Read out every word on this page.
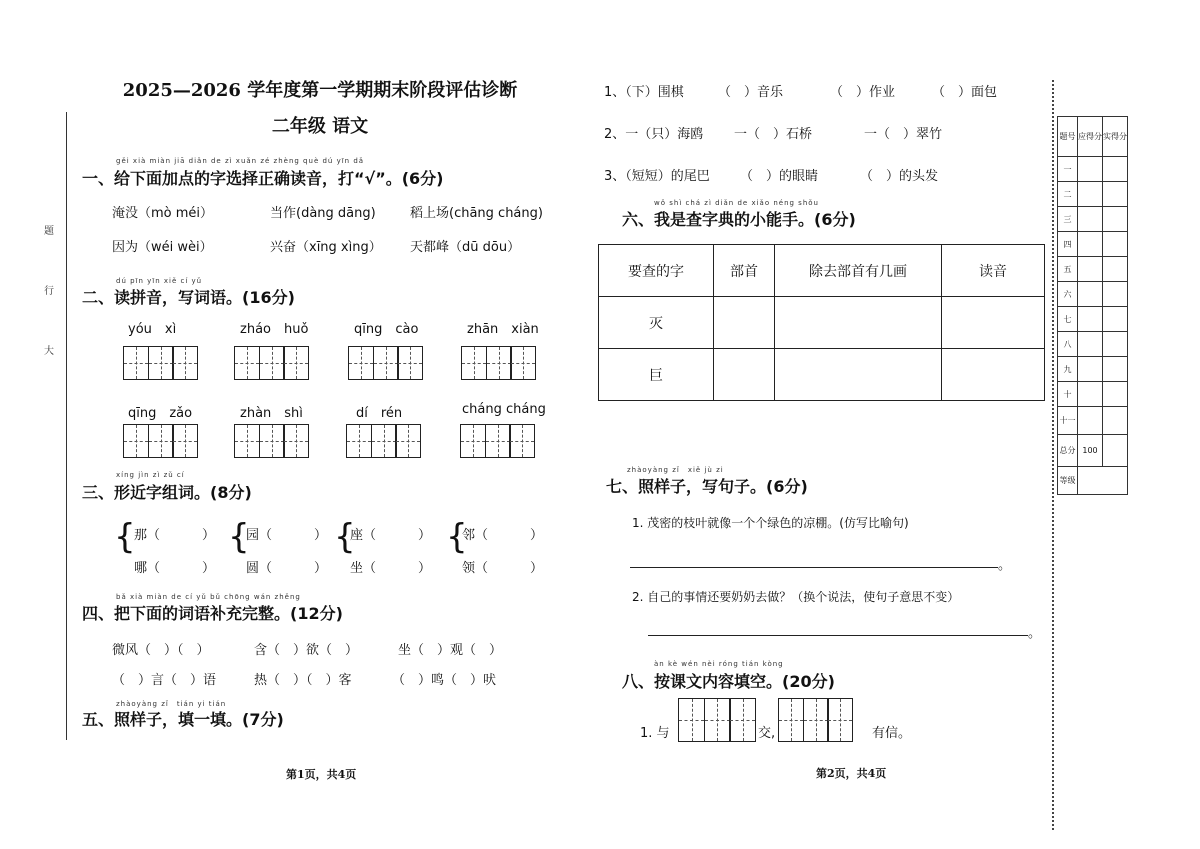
题
行
大
2025—2026 学年度第一学期期末阶段评估诊断
二年级 语文
gěi xià miàn jiā diǎn de zì xuǎn zé zhèng què dú yīn dǎ
一、给下面加点的字选择正确读音，打“√”。(6分)
淹没（mò méi）	当作(dàng dāng)	稻上场(chāng cháng)
因为（wéi wèi）	兴奋（xīng xìng） 天都峰（dū dōu）
dú pīn yīn xiě cí yǔ
二、读拼音，写词语。(16分)
yóu　xì	zháo　huǒ	qīng　cào	zhān　xiàn
qīng　zǎo	zhàn　shì	dí　rén	cháng cháng
xíng jìn zì zǔ cí
三、形近字组词。(8分)
{
那（	）
哪（	）
{
园（	）
圆（	）
{
座（	）
坐（	）
{
邻（	）
领（	）
bǎ xià miàn de cí yǔ bǔ chōng wán zhěng
四、把下面的词语补充完整。(12分)
微风（　）（　）	含（　）欲（　）	坐（　）观（　）
（　）言（　）语	热（　）（　）客	（　）鸣（　）吠
zhàoyàng zǐ　tián yi tián
五、照样子，填一填。(7分)
第1页，共4页
1、（下）围棋	（　）音乐	（　）作业	（　）面包
2、一（只）海鸥 一（　）石桥	一（　）翠竹
3、（短短）的尾巴 （　）的眼睛	（　）的头发
wǒ shì chá zì diǎn de xiǎo néng shǒu
六、我是查字典的小能手。(6分)
要查的字	部首	除去部首有几画	读音
灭			
巨			
zhàoyàng zǐ　xiě jù zi
七、照样子，写句子。(6分)
1. 茂密的枝叶就像一个个绿色的凉棚。(仿写比喻句)
。
2. 自己的事情还要奶奶去做？（换个说法，使句子意思不变）
。
àn kè wén nèi róng tián kòng
八、按课文内容填空。(20分)
1. 与	交,	有信。
第2页，共4页
题号	应得分	实得分
一		
二		
三		
四		
五		
六		
七		
八		
九		
十		
十一		
总分	100	
等级		
